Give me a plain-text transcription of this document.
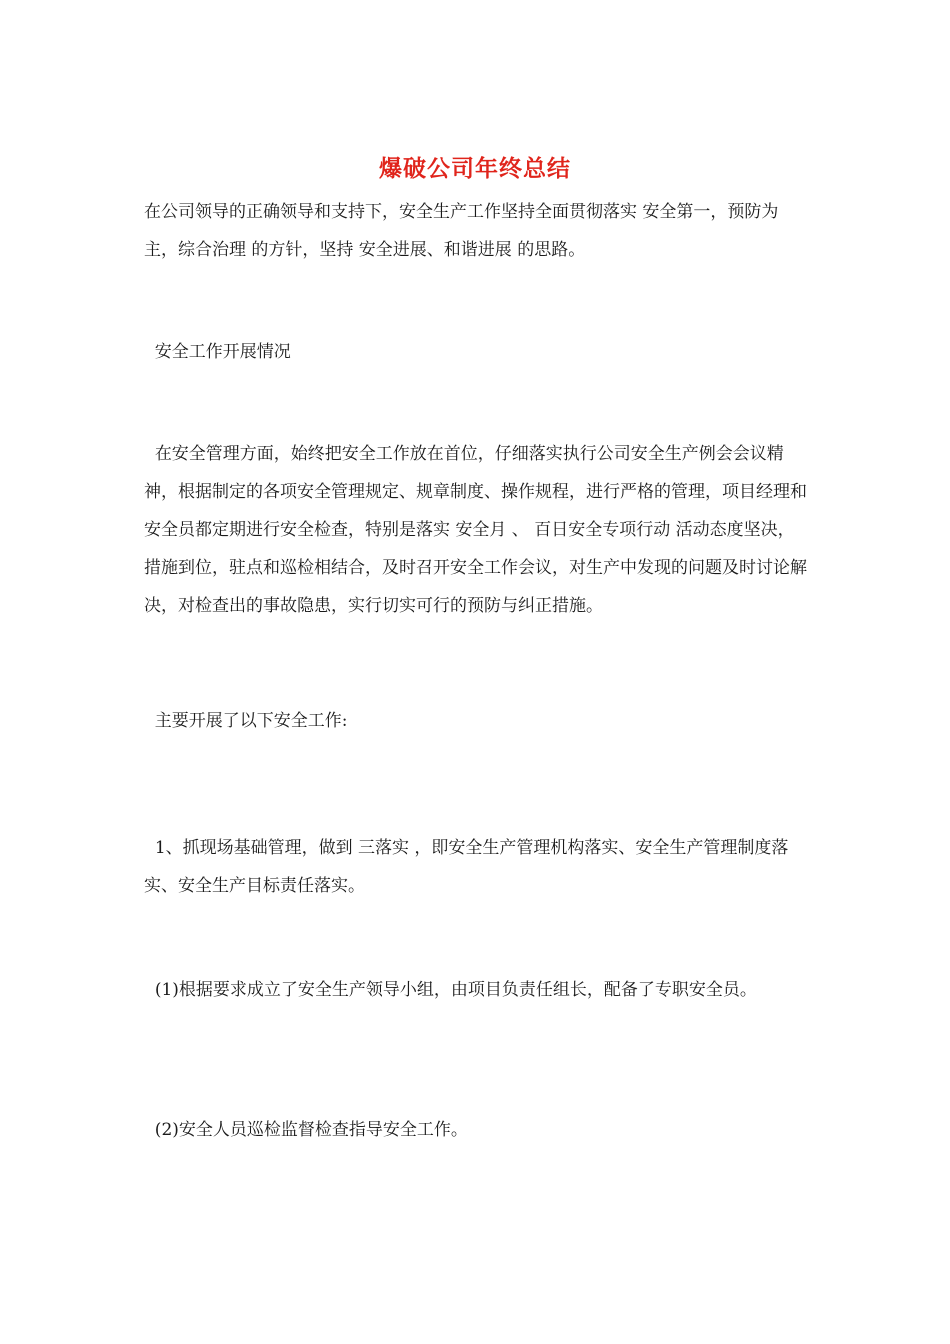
爆破公司年终总结

在公司领导的正确领导和支持下，安全生产工作坚持全面贯彻落实 安全第一，预防为主，综合治理 的方针，坚持 安全进展、和谐进展 的思路。

安全工作开展情况

在安全管理方面，始终把安全工作放在首位，仔细落实执行公司安全生产例会会议精神，根据制定的各项安全管理规定、规章制度、操作规程，进行严格的管理，项目经理和安全员都定期进行安全检查，特别是落实 安全月 、 百日安全专项行动 活动态度坚决，措施到位，驻点和巡检相结合，及时召开安全工作会议，对生产中发现的问题及时讨论解决，对检查出的事故隐患，实行切实可行的预防与纠正措施。

主要开展了以下安全工作:

1、抓现场基础管理，做到 三落实 ，即安全生产管理机构落实、安全生产管理制度落实、安全生产目标责任落实。

(1)根据要求成立了安全生产领导小组，由项目负责任组长，配备了专职安全员。

(2)安全人员巡检监督检查指导安全工作。
